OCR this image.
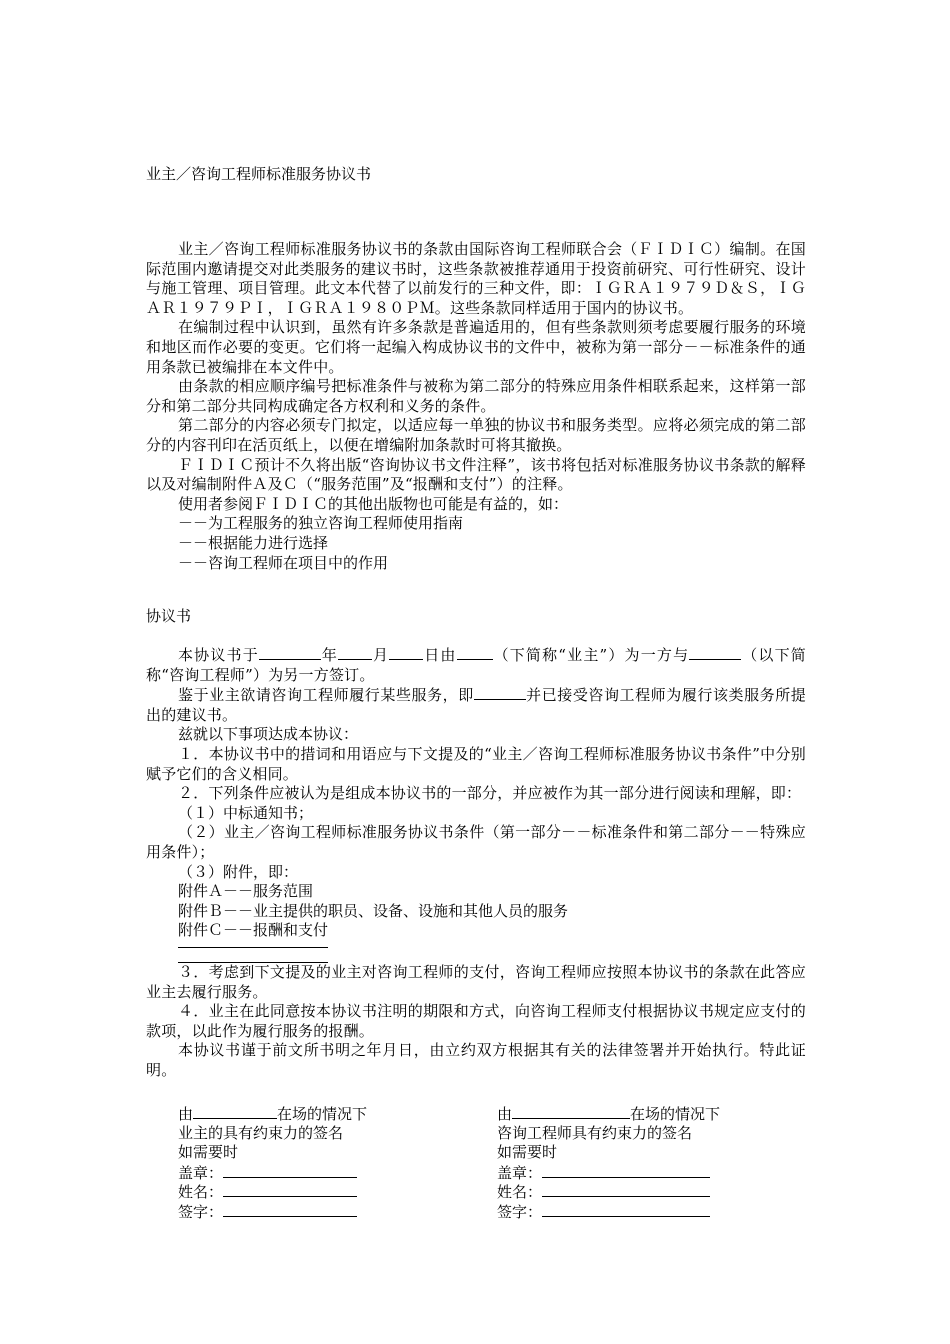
业主／咨询工程师标准服务协议书

业主／咨询工程师标准服务协议书的条款由国际咨询工程师联合会（ＦＩＤＩＣ）编制。在国际范围内邀请提交对此类服务的建议书时，这些条款被推荐通用于投资前研究、可行性研究、设计与施工管理、项目管理。此文本代替了以前发行的三种文件，即：ＩＧＲＡ１９７９Ｄ＆Ｓ，ＩＧＡＲ１９７９ＰＩ，ＩＧＲＡ１９８０ＰＭ。这些条款同样适用于国内的协议书。

在编制过程中认识到，虽然有许多条款是普遍适用的，但有些条款则须考虑要履行服务的环境和地区而作必要的变更。它们将一起编入构成协议书的文件中，被称为第一部分－－标准条件的通用条款已被编排在本文件中。

由条款的相应顺序编号把标准条件与被称为第二部分的特殊应用条件相联系起来，这样第一部分和第二部分共同构成确定各方权利和义务的条件。

第二部分的内容必须专门拟定，以适应每一单独的协议书和服务类型。应将必须完成的第二部分的内容刊印在活页纸上，以便在增编附加条款时可将其撤换。

ＦＩＤＩＣ预计不久将出版“咨询协议书文件注释”，该书将包括对标准服务协议书条款的解释以及对编制附件Ａ及Ｃ（“服务范围”及“报酬和支付”）的注释。

使用者参阅ＦＩＤＩＣ的其他出版物也可能是有益的，如：

－－为工程服务的独立咨询工程师使用指南

－－根据能力进行选择

－－咨询工程师在项目中的作用

协议书

本协议书于	年 月 日由 （下简称“业主”）为一方与	（以下简称“咨询工程师”）为另一方签订。

鉴于业主欲请咨询工程师履行某些服务，即	并已接受咨询工程师为履行该类服务所提出的建议书。

兹就以下事项达成本协议：

１．本协议书中的措词和用语应与下文提及的“业主／咨询工程师标准服务协议书条件”中分别赋予它们的含义相同。

２．下列条件应被认为是组成本协议书的一部分，并应被作为其一部分进行阅读和理解，即：

（１）中标通知书；

（２）业主／咨询工程师标准服务协议书条件（第一部分－－标准条件和第二部分－－特殊应用条件）；

（３）附件，即：

附件Ａ－－服务范围

附件Ｂ－－业主提供的职员、设备、设施和其他人员的服务

附件Ｃ－－报酬和支付

３．考虑到下文提及的业主对咨询工程师的支付，咨询工程师应按照本协议书的条款在此答应业主去履行服务。

４．业主在此同意按本协议书注明的期限和方式，向咨询工程师支付根据协议书规定应支付的款项，以此作为履行服务的报酬。

本协议书谨于前文所书明之年月日，由立约双方根据其有关的法律签署并开始执行。特此证明。

由	在场的情况下
业主的具有约束力的签名
如需要时
盖章：
姓名：
签字：
由	在场的情况下
咨询工程师具有约束力的签名
如需要时
盖章：
姓名：
签字：
